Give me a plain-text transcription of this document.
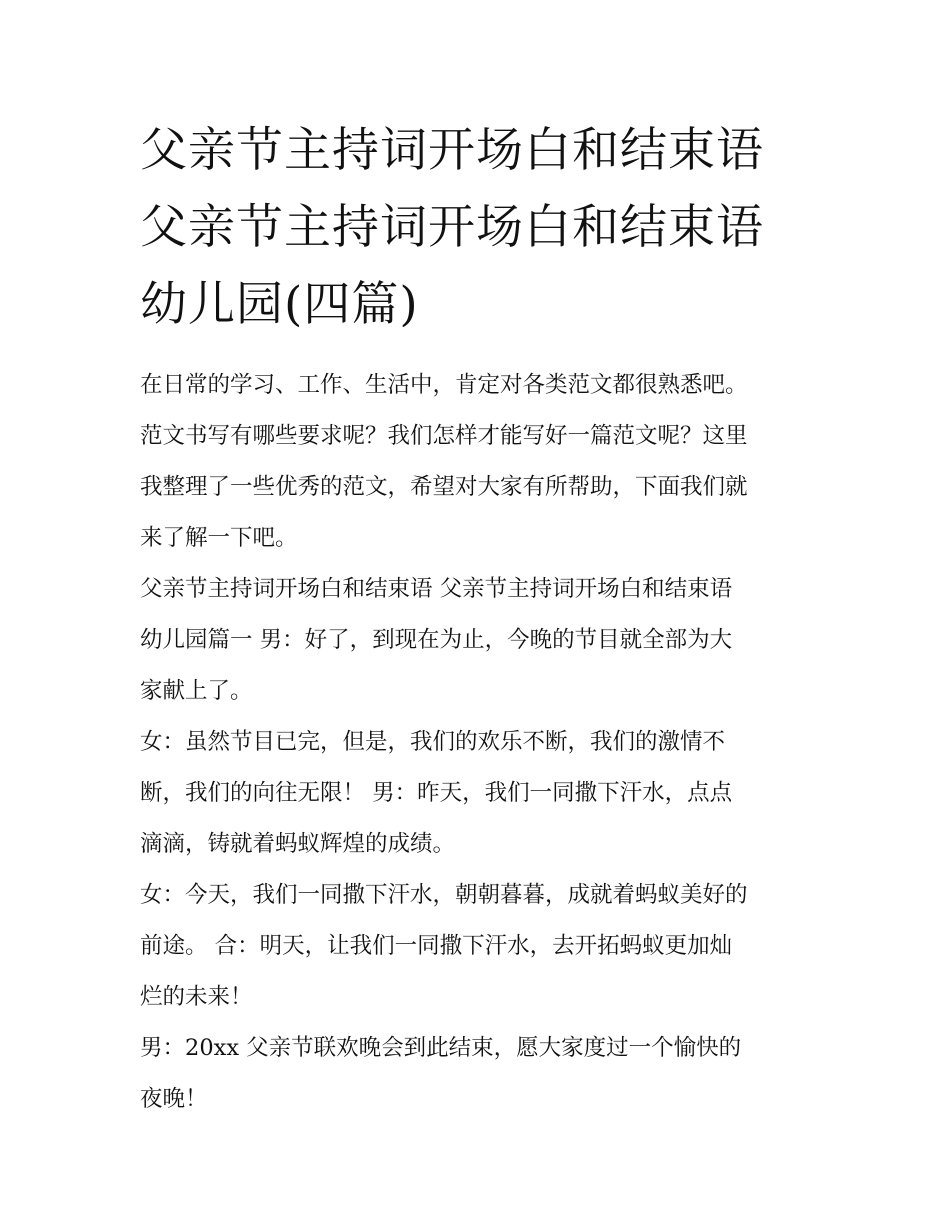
父亲节主持词开场白和结束语
父亲节主持词开场白和结束语
幼儿园(四篇)

在日常的学习、工作、生活中，肯定对各类范文都很熟悉吧。
范文书写有哪些要求呢？我们怎样才能写好一篇范文呢？这里
我整理了一些优秀的范文，希望对大家有所帮助，下面我们就
来了解一下吧。

父亲节主持词开场白和结束语 父亲节主持词开场白和结束语
幼儿园篇一 男：好了，到现在为止，今晚的节目就全部为大
家献上了。

女：虽然节目已完，但是，我们的欢乐不断，我们的激情不
断，我们的向往无限！ 男：昨天，我们一同撒下汗水，点点
滴滴，铸就着蚂蚁辉煌的成绩。

女：今天，我们一同撒下汗水，朝朝暮暮，成就着蚂蚁美好的
前途。 合：明天，让我们一同撒下汗水，去开拓蚂蚁更加灿
烂的未来！

男：20xx 父亲节联欢晚会到此结束，愿大家度过一个愉快的
夜晚！
